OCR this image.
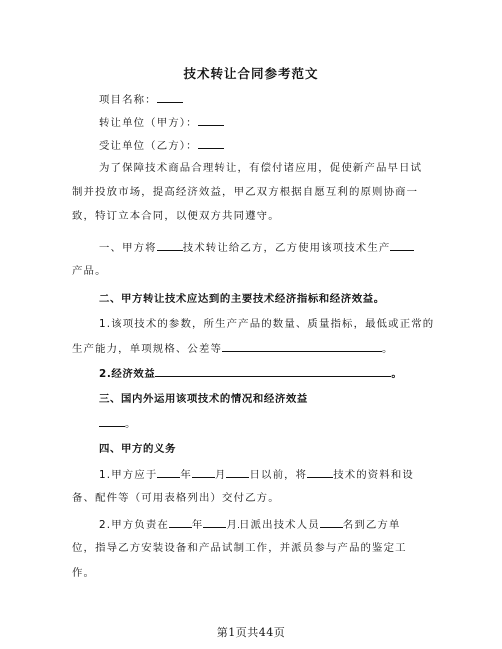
技术转让合同参考范文
项目名称：
转让单位（甲方）：
受让单位（乙方）：
为了保障技术商品合理转让，有偿付诸应用，促使新产品早日试
制并投放市场，提高经济效益，甲乙双方根据自愿互利的原则协商一
致，特订立本合同，以便双方共同遵守。
一、甲方将	技术转让给乙方，乙方使用该项技术生产
产品。
二、甲方转让技术应达到的主要技术经济指标和经济效益。
1.该项技术的参数，所生产产品的数量、质量指标，最低或正常的
生产能力，单项规格、公差等	。
2.经济效益	。
三、国内外运用该项技术的情况和经济效益
。
四、甲方的义务
1.甲方应于 年 月 日以前，将	技术的资料和设
备、配件等（可用表格列出）交付乙方。
2.甲方负责在 年 月日派出技术人员 名到乙方单
位，指导乙方安装设备和产品试制工作，并派员参与产品的鉴定工
作。
第1页共44页
